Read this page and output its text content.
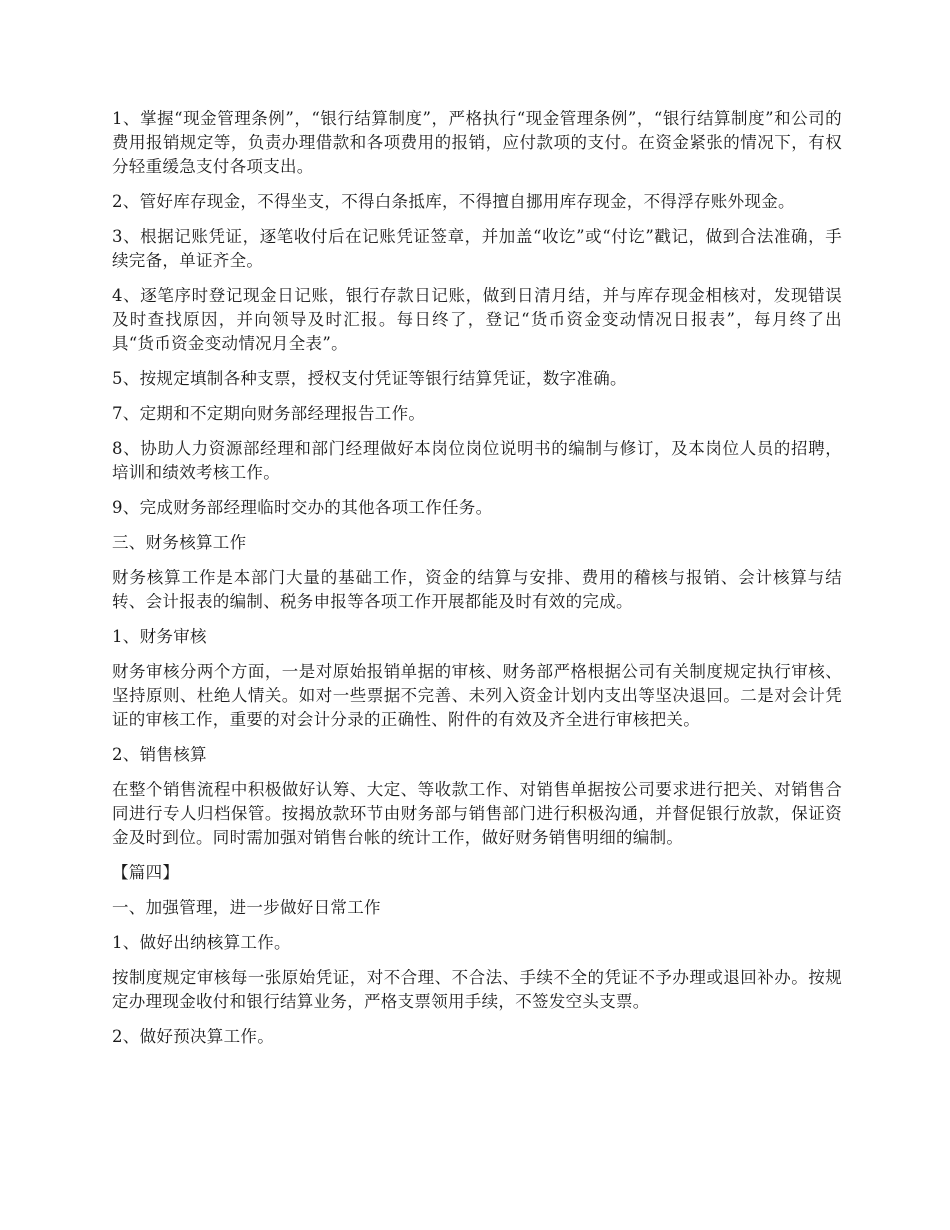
1、掌握“现金管理条例”，“银行结算制度”，严格执行“现金管理条例”，“银行结算制度”和公司的费用报销规定等，负责办理借款和各项费用的报销，应付款项的支付。在资金紧张的情况下，有权分轻重缓急支付各项支出。

2、管好库存现金，不得坐支，不得白条抵库，不得擅自挪用库存现金，不得浮存账外现金。

3、根据记账凭证，逐笔收付后在记账凭证签章，并加盖“收讫”或“付讫”戳记，做到合法准确，手续完备，单证齐全。

4、逐笔序时登记现金日记账，银行存款日记账，做到日清月结，并与库存现金相核对，发现错误及时查找原因，并向领导及时汇报。每日终了，登记“货币资金变动情况日报表”，每月终了出具“货币资金变动情况月全表”。

5、按规定填制各种支票，授权支付凭证等银行结算凭证，数字准确。

7、定期和不定期向财务部经理报告工作。

8、协助人力资源部经理和部门经理做好本岗位岗位说明书的编制与修订，及本岗位人员的招聘，培训和绩效考核工作。

9、完成财务部经理临时交办的其他各项工作任务。

三、财务核算工作

财务核算工作是本部门大量的基础工作，资金的结算与安排、费用的稽核与报销、会计核算与结转、会计报表的编制、税务申报等各项工作开展都能及时有效的完成。

1、财务审核

财务审核分两个方面，一是对原始报销单据的审核、财务部严格根据公司有关制度规定执行审核、坚持原则、杜绝人情关。如对一些票据不完善、未列入资金计划内支出等坚决退回。二是对会计凭证的审核工作，重要的对会计分录的正确性、附件的有效及齐全进行审核把关。

2、销售核算

在整个销售流程中积极做好认筹、大定、等收款工作、对销售单据按公司要求进行把关、对销售合同进行专人归档保管。按揭放款环节由财务部与销售部门进行积极沟通，并督促银行放款，保证资金及时到位。同时需加强对销售台帐的统计工作，做好财务销售明细的编制。

【篇四】

一、加强管理，进一步做好日常工作

1、做好出纳核算工作。

按制度规定审核每一张原始凭证，对不合理、不合法、手续不全的凭证不予办理或退回补办。按规定办理现金收付和银行结算业务，严格支票领用手续，不签发空头支票。

2、做好预决算工作。
